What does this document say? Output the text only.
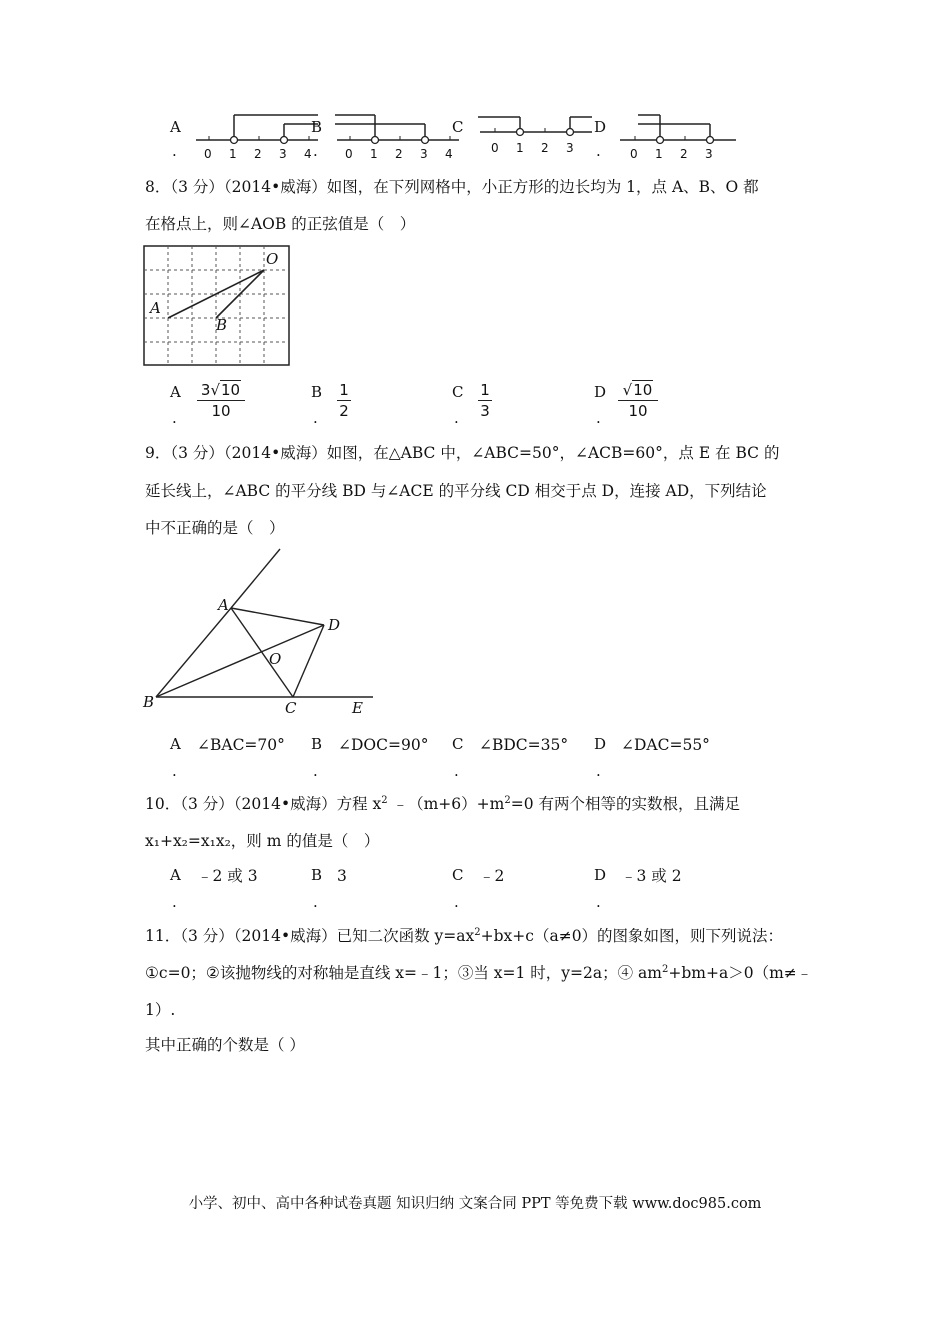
A
. 0 1 2 3 4
B
. 0 1 2 3 4
C
.
0 1 2 3
D
0 1 2 3
8．（3 分）（2014•威海）如图，在下列网格中，小正方形的边长均为 1，点 A、B、O 都
在格点上，则∠AOB 的正弦值是（　）
O
A
B
A
.
3√10
10
B
.
1
2
C
.
1
3
D
.
√10
10
9．（3 分）（2014•威海）如图，在△ABC 中，∠ABC=50°，∠ACB=60°，点 E 在 BC 的
延长线上，∠ABC 的平分线 BD 与∠ACE 的平分线 CD 相交于点 D，连接 AD，下列结论
中不正确的是（　）
A
D
O
B	C	E
A ∠BAC=70°
.
B ∠DOC=90°
.
C ∠BDC=35°
.
D ∠DAC=55°
.
10．（3 分）（2014•威海）方程 $x^2$ $﹣(m+6)+m^2=0$ 有两个相等的实数根，且满足
x₁+x₂=x₁x₂，则 m 的值是（　）
A ﹣2 或 3
.
B 3
.
C ﹣2
.
D ﹣3 或 2
.
11．（3 分）（2014•威海）已知二次函数 $y=ax^2+bx+c(a\ne 0)$的图象如图，则下列说法：
①c=0；②该抛物线的对称轴是直线 x=﹣1；③当 x=1 时，y=2a；④ $am^2+bm+a>0(m\ne﹣$
1）.
其中正确的个数是（ ）
小学、初中、高中各种试卷真题 知识归纳 文案合同 PPT 等免费下载 www.doc985.com
